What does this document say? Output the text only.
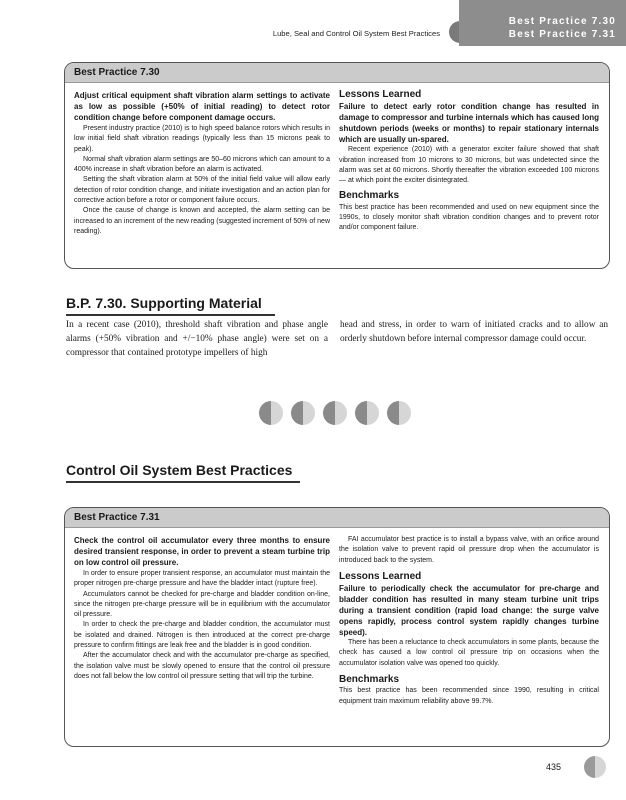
Lube, Seal and Control Oil System Best Practices
Best Practice 7.30
Best Practice 7.31
Best Practice 7.30
Adjust critical equipment shaft vibration alarm settings to activate as low as possible (+50% of initial reading) to detect rotor condition change before component damage occurs.

Present industry practice (2010) is to high speed balance rotors which results in low initial field shaft vibration readings (typically less than 15 microns peak to peak).

Normal shaft vibration alarm settings are 50–60 microns which can amount to a 400% increase in shaft vibration before an alarm is activated.

Setting the shaft vibration alarm at 50% of the initial field value will allow early detection of rotor condition change, and initiate investigation and an action plan for corrective action before a rotor or component failure occurs.

Once the cause of change is known and accepted, the alarm setting can be increased to an increment of the new reading (suggested increment of 50% of new reading).

Lessons Learned
Failure to detect early rotor condition change has resulted in damage to compressor and turbine internals which has caused long shutdown periods (weeks or months) to repair stationary internals which are usually un-spared.

Recent experience (2010) with a generator exciter failure showed that shaft vibration increased from 10 microns to 30 microns, but was undetected since the alarm was set at 60 microns. Shortly thereafter the vibration exceeded 100 microns — at which point the exciter disintegrated.

Benchmarks

This best practice has been recommended and used on new equipment since the 1990s, to closely monitor shaft vibration condition changes and to prevent rotor and/or component failure.

B.P. 7.30. Supporting Material
In a recent case (2010), threshold shaft vibration and phase angle alarms (+50% vibration and +/−10% phase angle) were set on a compressor that contained prototype impellers of high
head and stress, in order to warn of initiated cracks and to allow an orderly shutdown before internal compressor damage could occur.
Control Oil System Best Practices
Best Practice 7.31
Check the control oil accumulator every three months to ensure desired transient response, in order to prevent a steam turbine trip on low control oil pressure.

In order to ensure proper transient response, an accumulator must maintain the proper nitrogen pre-charge pressure and have the bladder intact (rupture free).

Accumulators cannot be checked for pre-charge and bladder condition on-line, since the nitrogen pre-charge pressure will be in equilibrium with the accumulator oil pressure.

In order to check the pre-charge and bladder condition, the accumulator must be isolated and drained. Nitrogen is then introduced at the correct pre-charge pressure to confirm fittings are leak free and the bladder is in good condition.

After the accumulator check and with the accumulator pre-charge as specified, the isolation valve must be slowly opened to ensure that the control oil pressure does not fall below the low control oil pressure setting that will trip the turbine.

FAI accumulator best practice is to install a bypass valve, with an orifice around the isolation valve to prevent rapid oil pressure drop when the accumulator is introduced back to the system.

Lessons Learned
Failure to periodically check the accumulator for pre-charge and bladder condition has resulted in many steam turbine unit trips during a transient condition (rapid load change: the surge valve opens rapidly, process control system rapidly changes turbine speed).

There has been a reluctance to check accumulators in some plants, because the check has caused a low control oil pressure trip on occasions when the accumulator isolation valve was opened too quickly.

Benchmarks

This best practice has been recommended since 1990, resulting in critical equipment train maximum reliability above 99.7%.

435
